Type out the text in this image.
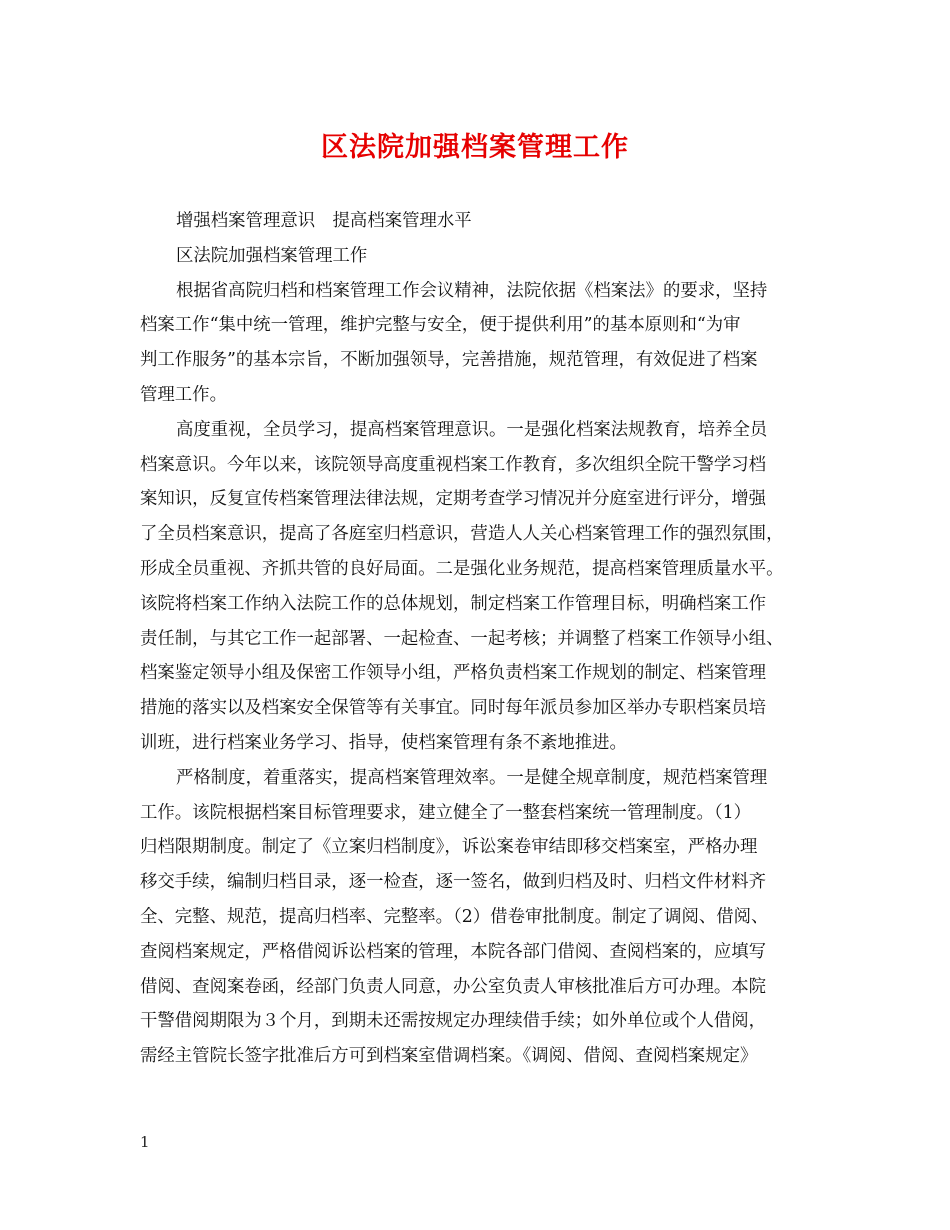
区法院加强档案管理工作
增强档案管理意识　提高档案管理水平
区法院加强档案管理工作
根据省高院归档和档案管理工作会议精神，法院依据《档案法》的要求，坚持
档案工作“集中统一管理，维护完整与安全，便于提供利用”的基本原则和“为审
判工作服务”的基本宗旨，不断加强领导，完善措施，规范管理，有效促进了档案
管理工作。
高度重视，全员学习，提高档案管理意识。一是强化档案法规教育，培养全员
档案意识。今年以来，该院领导高度重视档案工作教育，多次组织全院干警学习档
案知识，反复宣传档案管理法律法规，定期考查学习情况并分庭室进行评分，增强
了全员档案意识，提高了各庭室归档意识，营造人人关心档案管理工作的强烈氛围，
形成全员重视、齐抓共管的良好局面。二是强化业务规范，提高档案管理质量水平。
该院将档案工作纳入法院工作的总体规划，制定档案工作管理目标，明确档案工作
责任制，与其它工作一起部署、一起检查、一起考核；并调整了档案工作领导小组、
档案鉴定领导小组及保密工作领导小组，严格负责档案工作规划的制定、档案管理
措施的落实以及档案安全保管等有关事宜。同时每年派员参加区举办专职档案员培
训班，进行档案业务学习、指导，使档案管理有条不紊地推进。
严格制度，着重落实，提高档案管理效率。一是健全规章制度，规范档案管理
工作。该院根据档案目标管理要求，建立健全了一整套档案统一管理制度。（1）
归档限期制度。制定了《立案归档制度》，诉讼案卷审结即移交档案室，严格办理
移交手续，编制归档目录，逐一检查，逐一签名，做到归档及时、归档文件材料齐
全、完整、规范，提高归档率、完整率。（2）借卷审批制度。制定了调阅、借阅、
查阅档案规定，严格借阅诉讼档案的管理，本院各部门借阅、查阅档案的，应填写
借阅、查阅案卷函，经部门负责人同意，办公室负责人审核批准后方可办理。本院
干警借阅期限为３个月，到期未还需按规定办理续借手续；如外单位或个人借阅，
需经主管院长签字批准后方可到档案室借调档案。《调阅、借阅、查阅档案规定》
1
